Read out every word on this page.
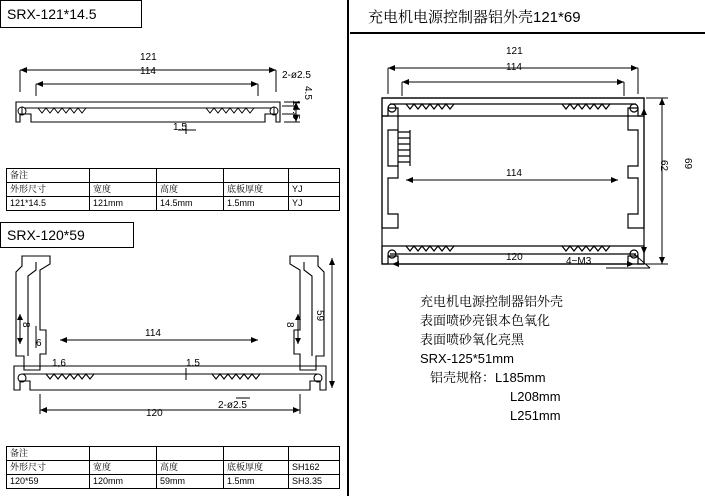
SRX-121*14.5
121
114
1.5
2-ø2.5
14.5
4.5
备注				
外形尺寸	宽度	高度	底板厚度	YJ
121*14.5	121mm	14.5mm	1.5mm	YJ
SRX-120*59
114
120
59
8
6
8
1,6	1.5
2-ø2.5
备注				
外形尺寸	宽度	高度	底板厚度	SH162
120*59	120mm	59mm	1.5mm	SH3.35
充电机电源控制器铝外壳121*69
121
114
114
120
69
62
4−M3
充电机电源控制器铝外壳
表面喷砂亮银本色氧化
表面喷砂氧化亮黑
SRX-125*51mm
铝壳规格：L185mm
L208mm
L251mm
